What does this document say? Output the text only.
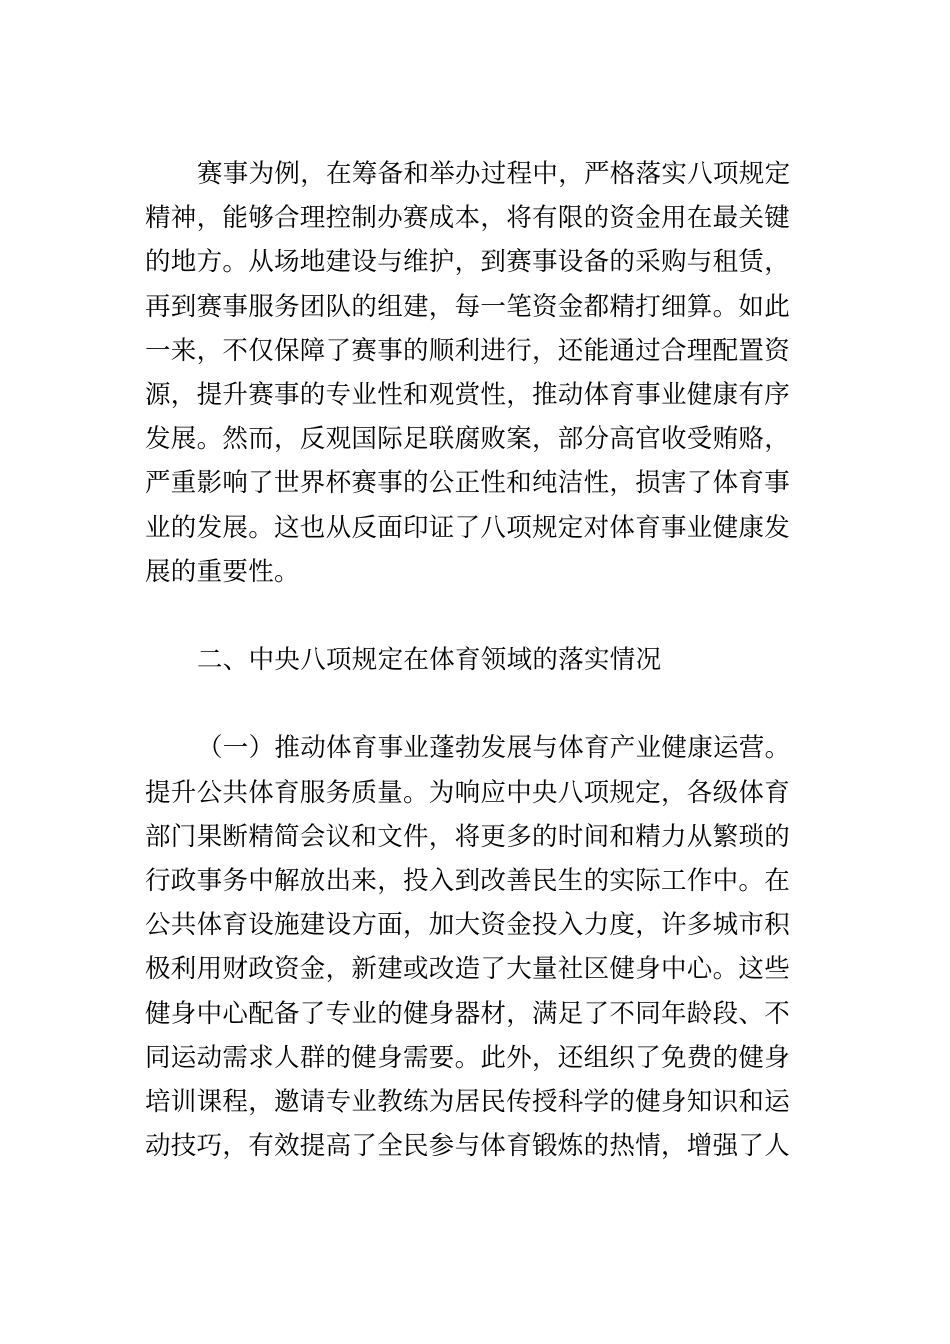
赛事为例，在筹备和举办过程中，严格落实八项规定
精神，能够合理控制办赛成本，将有限的资金用在最关键
的地方。从场地建设与维护，到赛事设备的采购与租赁，
再到赛事服务团队的组建，每一笔资金都精打细算。如此
一来，不仅保障了赛事的顺利进行，还能通过合理配置资
源，提升赛事的专业性和观赏性，推动体育事业健康有序
发展。然而，反观国际足联腐败案，部分高官收受贿赂，
严重影响了世界杯赛事的公正性和纯洁性，损害了体育事
业的发展。这也从反面印证了八项规定对体育事业健康发
展的重要性。
二、中央八项规定在体育领域的落实情况
（一）推动体育事业蓬勃发展与体育产业健康运营。
提升公共体育服务质量。为响应中央八项规定，各级体育
部门果断精简会议和文件，将更多的时间和精力从繁琐的
行政事务中解放出来，投入到改善民生的实际工作中。在
公共体育设施建设方面，加大资金投入力度，许多城市积
极利用财政资金，新建或改造了大量社区健身中心。这些
健身中心配备了专业的健身器材，满足了不同年龄段、不
同运动需求人群的健身需要。此外，还组织了免费的健身
培训课程，邀请专业教练为居民传授科学的健身知识和运
动技巧，有效提高了全民参与体育锻炼的热情，增强了人
